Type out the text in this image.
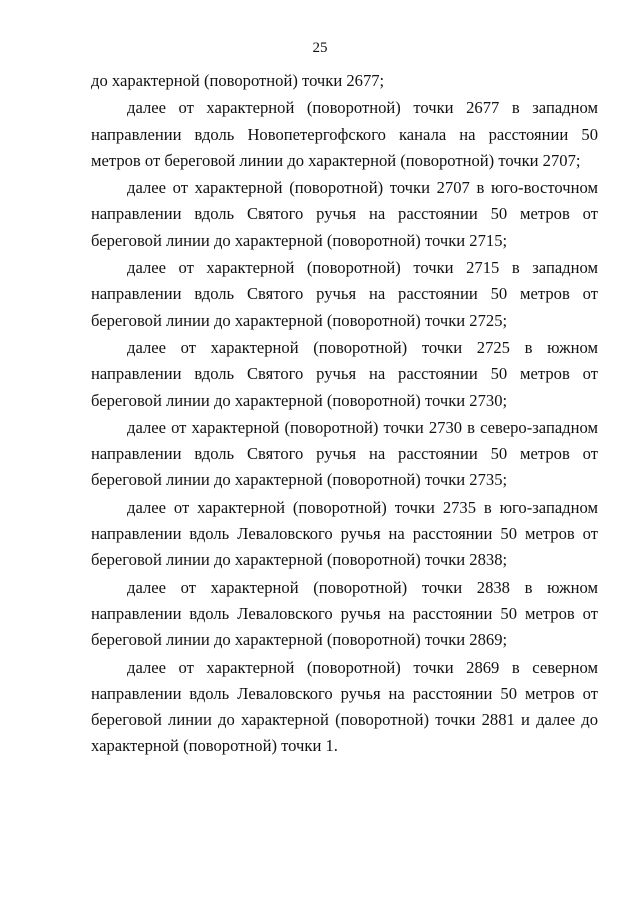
25

до характерной (поворотной) точки 2677;

далее от характерной (поворотной) точки 2677 в западном направлении вдоль Новопетергофского канала на расстоянии 50 метров от береговой линии до характерной (поворотной) точки 2707;

далее от характерной (поворотной) точки 2707 в юго-восточном направлении вдоль Святого ручья на расстоянии 50 метров от береговой линии до характерной (поворотной) точки 2715;

далее от характерной (поворотной) точки 2715 в западном направлении вдоль Святого ручья на расстоянии 50 метров от береговой линии до характерной (поворотной) точки 2725;

далее от характерной (поворотной) точки 2725 в южном направлении вдоль Святого ручья на расстоянии 50 метров от береговой линии до характерной (поворотной) точки 2730;

далее от характерной (поворотной) точки 2730 в северо-западном направлении вдоль Святого ручья на расстоянии 50 метров от береговой линии до характерной (поворотной) точки 2735;

далее от характерной (поворотной) точки 2735 в юго-западном направлении вдоль Леваловского ручья на расстоянии 50 метров от береговой линии до характерной (поворотной) точки 2838;

далее от характерной (поворотной) точки 2838 в южном направлении вдоль Леваловского ручья на расстоянии 50 метров от береговой линии до характерной (поворотной) точки 2869;

далее от характерной (поворотной) точки 2869 в северном направлении вдоль Леваловского ручья на расстоянии 50 метров от береговой линии до характерной (поворотной) точки 2881 и далее до характерной (поворотной) точки 1.
